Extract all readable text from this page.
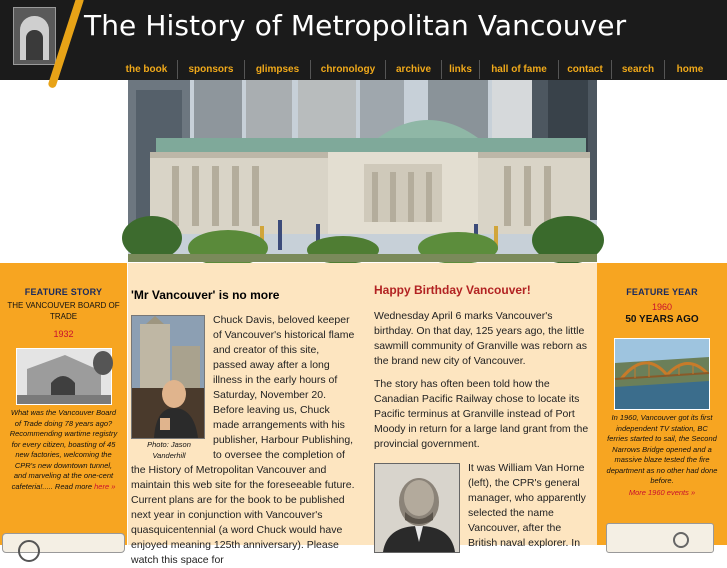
The History of Metropolitan Vancouver
the book	sponsors	glimpses	chronology	archive	links	hall of fame	contact	search	home
FEATURE STORY
THE VANCOUVER BOARD OF TRADE
1932
What was the Vancouver Board of Trade doing 78 years ago? Recommending wartime registry for every citizen, boasting of 45 new factories, welcoming the CPR's new downtown tunnel, and marveling at the one-cent cafeteria!..... Read more here »
'Mr Vancouver' is no more
Photo: Jason Vanderhill
Chuck Davis, beloved keeper of Vancouver's historical flame and creator of this site, passed away after a long illness in the early hours of Saturday, November 20. Before leaving us, Chuck made arrangements with his publisher, Harbour Publishing, to oversee the completion of the History of Metropolitan Vancouver and maintain this web site for the foreseeable future. Current plans are for the book to be published next year in conjunction with Vancouver's quasquicentennial (a word Chuck would have enjoyed meaning 125th anniversary). Please watch this space for
Happy Birthday Vancouver!
Wednesday April 6 marks Vancouver's birthday. On that day, 125 years ago, the little sawmill community of Granville was reborn as the brand new city of Vancouver.
The story has often been told how the Canadian Pacific Railway chose to locate its Pacific terminus at Granville instead of Port Moody in return for a large land grant from the provincial government.
It was William Van Horne (left), the CPR's general manager, who apparently selected the name Vancouver, after the British naval explorer. In
FEATURE YEAR
1960
50 YEARS AGO
In 1960, Vancouver got its first independent TV station, BC ferries started to sail, the Second Narrows Bridge opened and a massive blaze tested the fire department as no other had done before.
More 1960 events »
